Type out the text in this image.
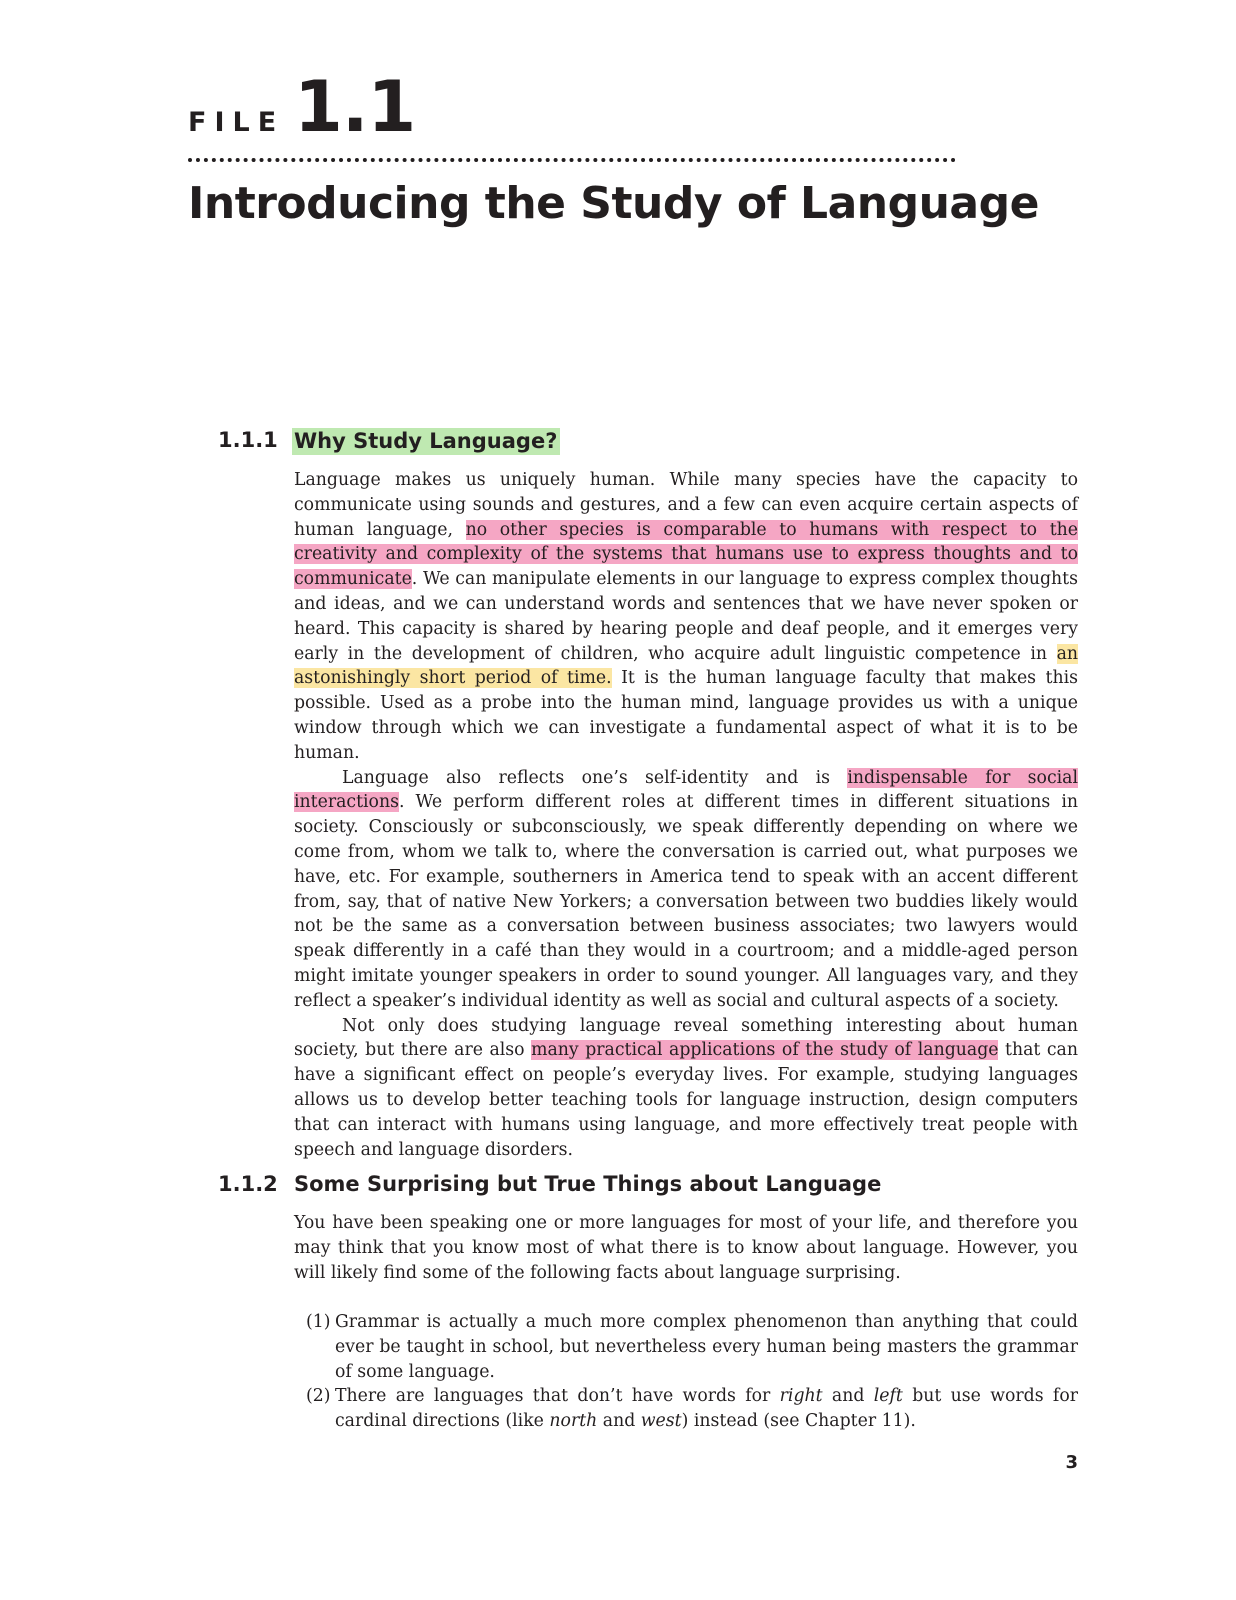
FILE 1.1
Introducing the Study of Language
1.1.1 Why Study Language?

Language makes us uniquely human. While many species have the capacity to communicate using sounds and gestures, and a few can even acquire certain aspects of human language, no other species is comparable to humans with respect to the creativity and complexity of the systems that humans use to express thoughts and to communicate. We can manipulate elements in our language to express complex thoughts and ideas, and we can understand words and sentences that we have never spoken or heard. This capacity is shared by hearing people and deaf people, and it emerges very early in the development of children, who acquire adult linguistic competence in an astonishingly short period of time. It is the human language faculty that makes this possible. Used as a probe into the human mind, language provides us with a unique window through which we can investigate a fundamental aspect of what it is to be human.

Language also reflects one’s self-identity and is indispensable for social interactions. We perform different roles at different times in different situations in society. Consciously or subconsciously, we speak differently depending on where we come from, whom we talk to, where the conversation is carried out, what purposes we have, etc. For example, southerners in America tend to speak with an accent different from, say, that of native New Yorkers; a conversation between two buddies likely would not be the same as a conversation between business associates; two lawyers would speak differently in a café than they would in a courtroom; and a middle-aged person might imitate younger speakers in order to sound younger. All languages vary, and they reflect a speaker’s individual identity as well as social and cultural aspects of a society.

Not only does studying language reveal something interesting about human society, but there are also many practical applications of the study of language that can have a significant effect on people’s everyday lives. For example, studying languages allows us to develop better teaching tools for language instruction, design computers that can interact with humans using language, and more effectively treat people with speech and language disorders.

1.1.2 Some Surprising but True Things about Language

You have been speaking one or more languages for most of your life, and therefore you may think that you know most of what there is to know about language. However, you will likely find some of the following facts about language surprising.

(1) Grammar is actually a much more complex phenomenon than anything that could ever be taught in school, but nevertheless every human being masters the grammar of some language.

(2) There are languages that don’t have words for right and left but use words for cardinal directions (like north and west) instead (see Chapter 11).

3
